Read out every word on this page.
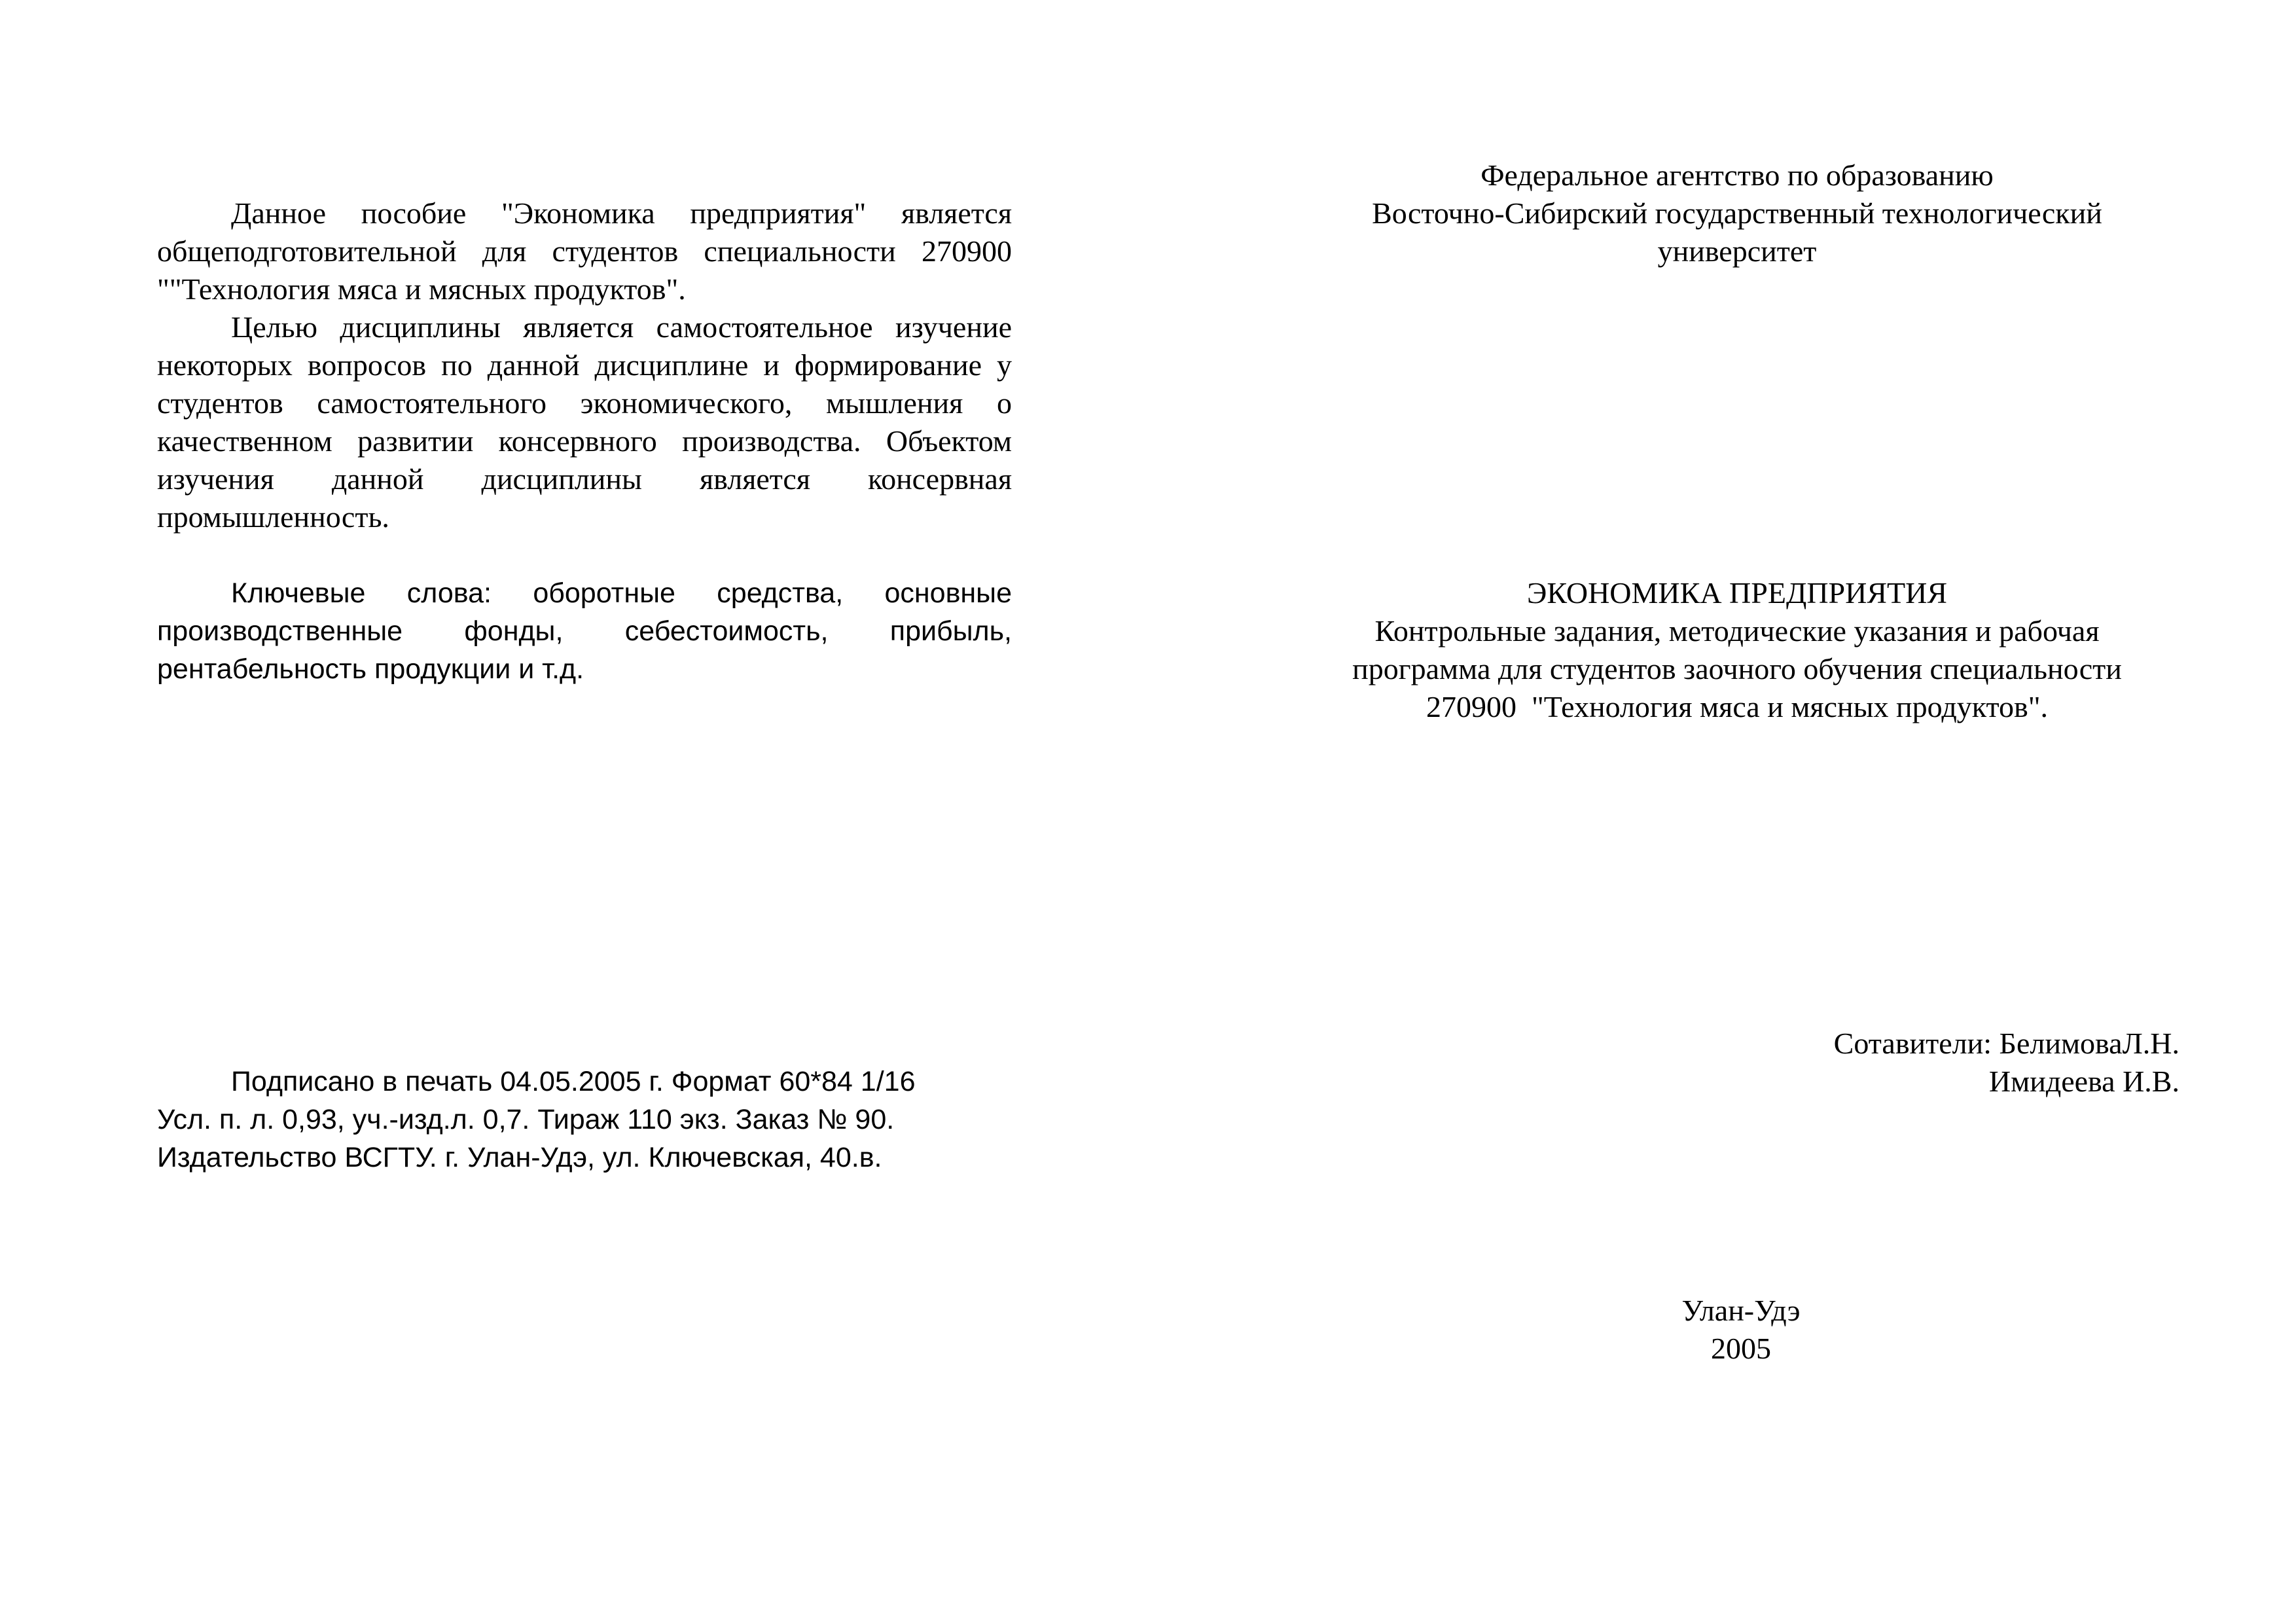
Данное пособие "Экономика предприятия" является общеподготовительной для студентов специальности 270900 ""Технология мяса и мясных продуктов".

Целью дисциплины является самостоятельное изучение некоторых вопросов по данной дисциплине и формирование у студентов самостоятельного экономического, мышления о качественном развитии консервного производства. Объектом изучения данной дисциплины является консервная промышленность.

Ключевые слова: оборотные средства, основные производственные фонды, себестоимость, прибыль, рентабельность продукции и т.д.

Подписано в печать 04.05.2005 г. Формат 60*84 1/16
Усл. п. л. 0,93, уч.-изд.л. 0,7. Тираж 110 экз. Заказ № 90.
Издательство ВСГТУ. г. Улан-Удэ, ул. Ключевская, 40.в.
Федеральное агентство по образованию
Восточно-Сибирский государственный технологический
университет
ЭКОНОМИКА ПРЕДПРИЯТИЯ
Контрольные задания, методические указания и рабочая
программа для студентов заочного обучения специальности
270900  "Технология мяса и мясных продуктов".
Сотавители: БелимоваЛ.Н.
Имидеева И.В.
Улан-Удэ
2005
